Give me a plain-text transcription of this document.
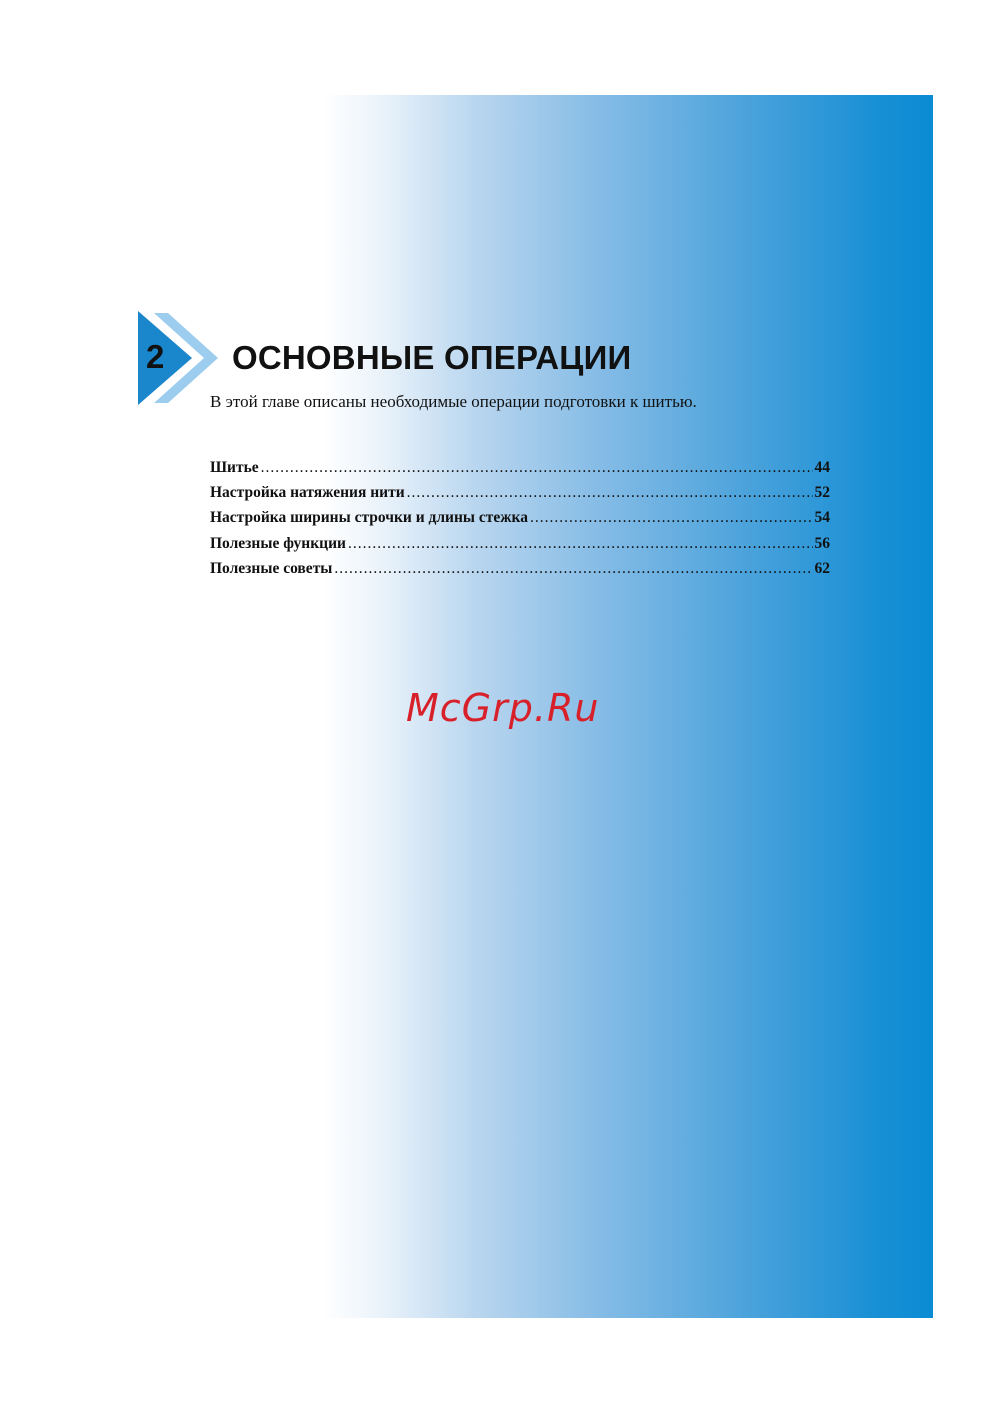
2 ОСНОВНЫЕ ОПЕРАЦИИ
В этой главе описаны необходимые операции подготовки к шитью.
Шитье .....	44
Настройка натяжения нити .....	52
Настройка ширины строчки и длины стежка .....	54
Полезные функции .....	56
Полезные советы .....	62
McGrp.Ru
